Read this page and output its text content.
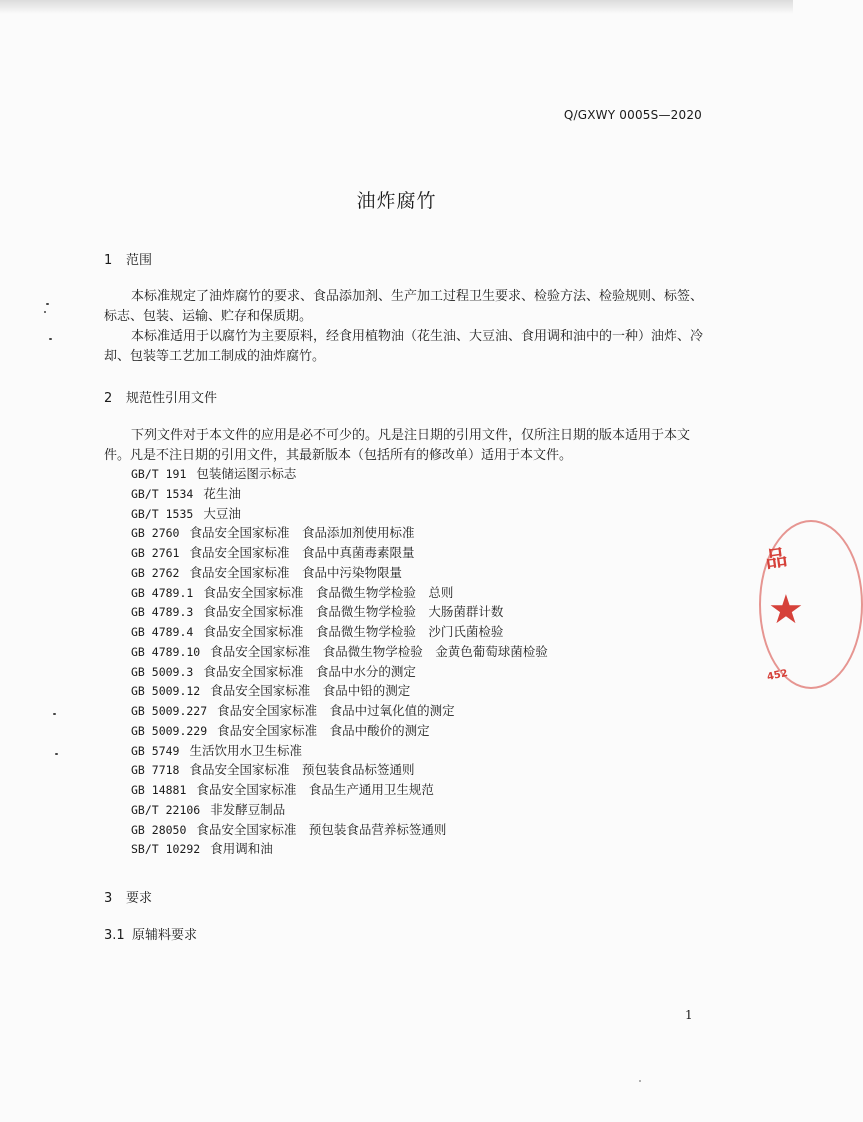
Q/GXWY 0005S—2020
油炸腐竹
1 范围

本标准规定了油炸腐竹的要求、食品添加剂、生产加工过程卫生要求、检验方法、检验规则、标签、标志、包装、运输、贮存和保质期。

本标准适用于以腐竹为主要原料，经食用植物油（花生油、大豆油、食用调和油中的一种）油炸、冷却、包装等工艺加工制成的油炸腐竹。

2 规范性引用文件

下列文件对于本文件的应用是必不可少的。凡是注日期的引用文件，仅所注日期的版本适用于本文件。凡是不注日期的引用文件，其最新版本（包括所有的修改单）适用于本文件。

GB/T 191 包装储运图示标志
GB/T 1534 花生油
GB/T 1535 大豆油
GB 2760 食品安全国家标准　食品添加剂使用标准
GB 2761 食品安全国家标准　食品中真菌毒素限量
GB 2762 食品安全国家标准　食品中污染物限量
GB 4789.1 食品安全国家标准　食品微生物学检验　总则
GB 4789.3 食品安全国家标准　食品微生物学检验　大肠菌群计数
GB 4789.4 食品安全国家标准　食品微生物学检验　沙门氏菌检验
GB 4789.10 食品安全国家标准　食品微生物学检验　金黄色葡萄球菌检验
GB 5009.3 食品安全国家标准　食品中水分的测定
GB 5009.12 食品安全国家标准　食品中铅的测定
GB 5009.227 食品安全国家标准　食品中过氧化值的测定
GB 5009.229 食品安全国家标准　食品中酸价的测定
GB 5749 生活饮用水卫生标准
GB 7718 食品安全国家标准　预包装食品标签通则
GB 14881 食品安全国家标准　食品生产通用卫生规范
GB/T 22106 非发酵豆制品
GB 28050 食品安全国家标准　预包装食品营养标签通则
SB/T 10292 食用调和油
3 要求
3.1 原辅料要求
1
品
★
452
